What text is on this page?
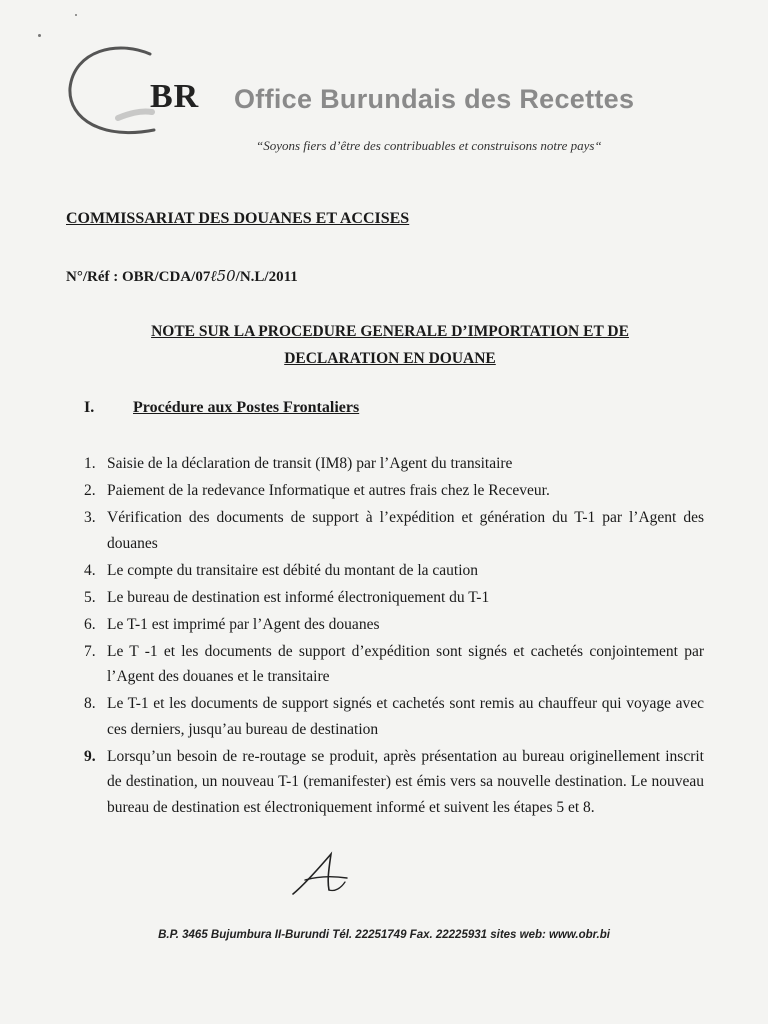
BR Office Burundais des Recettes
“Soyons fiers d’être des contribuables et construisons notre pays“
COMMISSARIAT DES DOUANES ET ACCISES
N°/Réf : OBR/CDA/07ℓ50/N.L/2011
NOTE SUR LA PROCEDURE GENERALE D’IMPORTATION ET DE
DECLARATION EN DOUANE
I. Procédure aux Postes Frontaliers
1. Saisie de la déclaration de transit (IM8) par l’Agent du transitaire
2. Paiement de la redevance Informatique et autres frais chez le Receveur.
3. Vérification des documents de support à l’expédition et génération du T-1 par l’Agent des douanes
4. Le compte du transitaire est débité du montant de la caution
5. Le bureau de destination est informé électroniquement du T-1
6. Le T-1 est imprimé par l’Agent des douanes
7. Le T -1 et les documents de support d’expédition sont signés et cachetés conjointement par l’Agent des douanes et le transitaire
8. Le T-1 et les documents de support signés et cachetés sont remis au chauffeur qui voyage avec ces derniers, jusqu’au bureau de destination
9. Lorsqu’un besoin de re-routage se produit, après présentation au bureau originellement inscrit de destination, un nouveau T-1 (remanifester) est émis vers sa nouvelle destination. Le nouveau bureau de destination est électroniquement informé et suivent les étapes 5 et 8.
B.P. 3465 Bujumbura II-Burundi Tél. 22251749 Fax. 22225931 sites web: www.obr.bi
